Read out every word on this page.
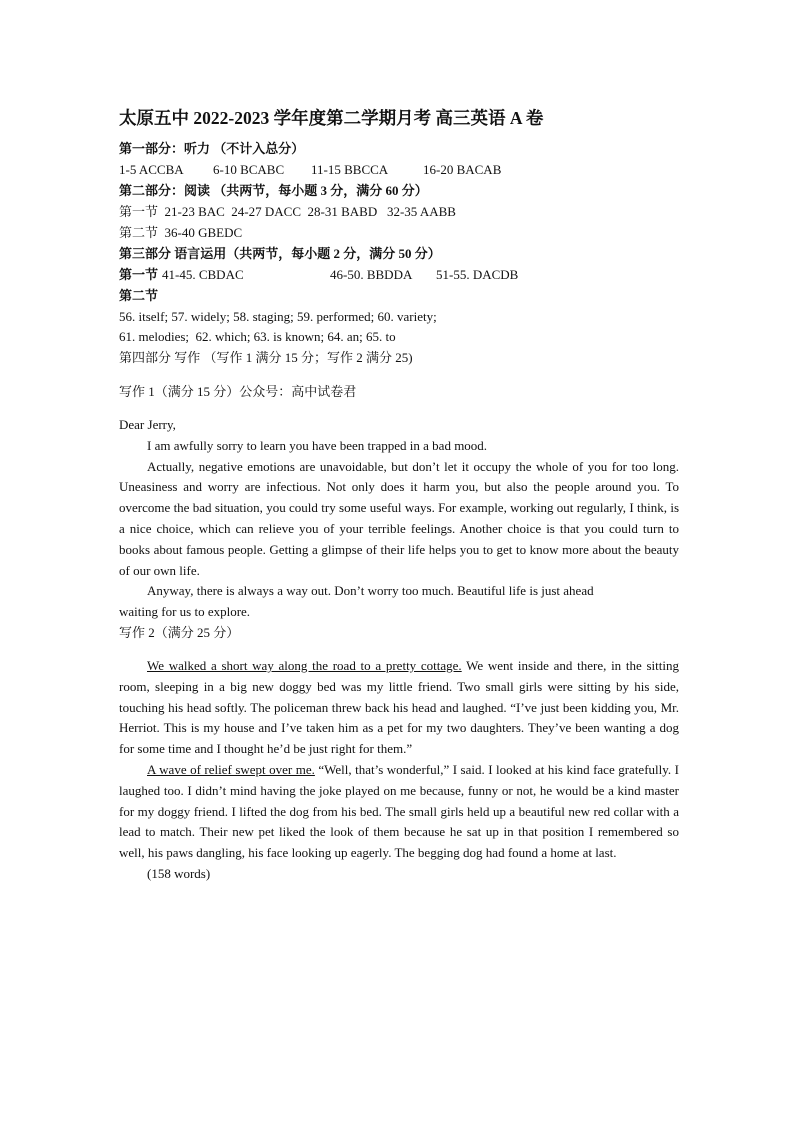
太原五中 2022-2023 学年度第二学期月考 高三英语 A 卷
第一部分：听力 （不计入总分）
1-5 ACCBA 6-10 BCABC 11-15 BBCCA	16-20 BACAB
第二部分：阅读 （共两节，每小题 3 分，满分 60 分）
第一节  21-23 BAC  24-27 DACC  28-31 BABD   32-35 AABB
第二节  36-40 GBEDC
第三部分 语言运用（共两节，每小题 2 分，满分 50 分）
第一节 41-45. CBDAC	46-50. BBDDA 51-55. DACDB
第二节
56. itself; 57. widely; 58. staging; 59. performed; 60. variety;
61. melodies;  62. which; 63. is known; 64. an; 65. to
第四部分 写作 （写作 1 满分 15 分；写作 2 满分 25)
写作 1（满分 15 分）公众号：高中试卷君

Dear Jerry,

I am awfully sorry to learn you have been trapped in a bad mood.

Actually, negative emotions are unavoidable, but don’t let it occupy the whole of you for too long. Uneasiness and worry are infectious. Not only does it harm you, but also the people around you. To overcome the bad situation, you could try some useful ways. For example, working out regularly, I think, is a nice choice, which can relieve you of your terrible feelings. Another choice is that you could turn to books about famous people. Getting a glimpse of their life helps you to get to know more about the beauty of our own life.

Anyway, there is always a way out. Don’t worry too much. Beautiful life is just ahead

waiting for us to explore.

写作 2（满分 25 分）

We walked a short way along the road to a pretty cottage. We went inside and there, in the sitting room, sleeping in a big new doggy bed was my little friend. Two small girls were sitting by his side, touching his head softly. The policeman threw back his head and laughed. “I’ve just been kidding you, Mr. Herriot. This is my house and I’ve taken him as a pet for my two daughters. They’ve been wanting a dog for some time and I thought he’d be just right for them.”

A wave of relief swept over me. “Well, that’s wonderful,” I said. I looked at his kind face gratefully. I laughed too. I didn’t mind having the joke played on me because, funny or not, he would be a kind master for my doggy friend. I lifted the dog from his bed. The small girls held up a beautiful new red collar with a lead to match. Their new pet liked the look of them because he sat up in that position I remembered so well, his paws dangling, his face looking up eagerly. The begging dog had found a home at last.

(158 words)
